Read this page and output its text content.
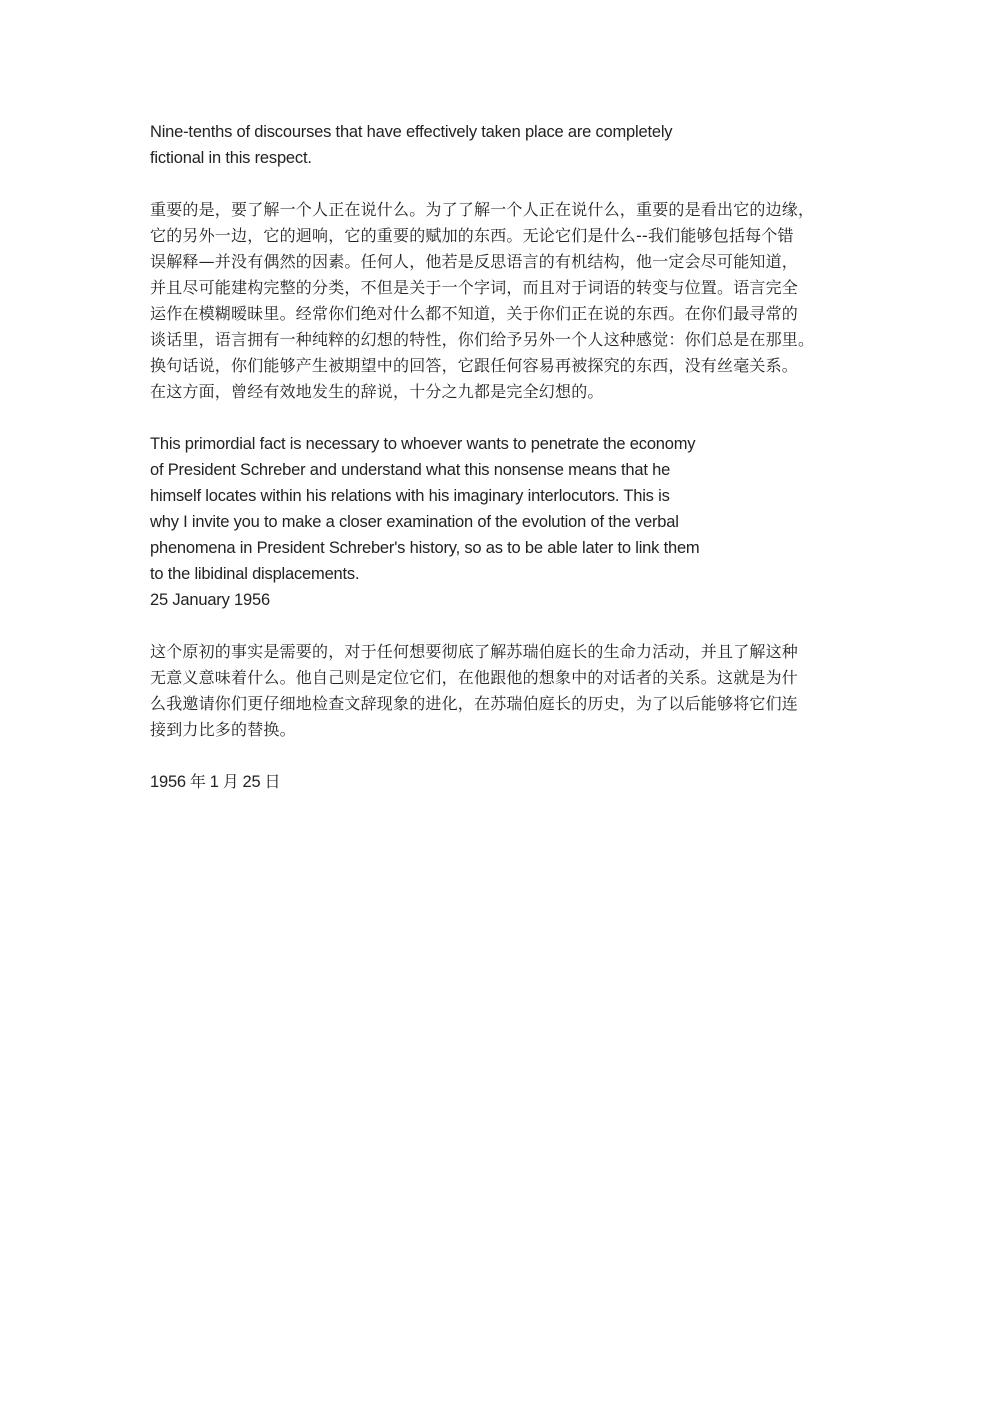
Nine-tenths of discourses that have effectively taken place are completely
fictional in this respect.

重要的是，要了解一个人正在说什么。为了了解一个人正在说什么，重要的是看出它的边缘，
它的另外一边，它的迴响，它的重要的赋加的东西。无论它们是什么--我们能够包括每个错
误解释—并没有偶然的因素。任何人，他若是反思语言的有机结构，他一定会尽可能知道，
并且尽可能建构完整的分类，不但是关于一个字词，而且对于词语的转变与位置。语言完全
运作在模糊暧昧里。经常你们绝对什么都不知道，关于你们正在说的东西。在你们最寻常的
谈话里，语言拥有一种纯粹的幻想的特性，你们给予另外一个人这种感觉：你们总是在那里。
换句话说，你们能够产生被期望中的回答，它跟任何容易再被探究的东西，没有丝毫关系。
在这方面，曾经有效地发生的辞说，十分之九都是完全幻想的。

This primordial fact is necessary to whoever wants to penetrate the economy
of President Schreber and understand what this nonsense means that he
himself locates within his relations with his imaginary interlocutors. This is
why I invite you to make a closer examination of the evolution of the verbal
phenomena in President Schreber's history, so as to be able later to link them
to the libidinal displacements.

25 January 1956

这个原初的事实是需要的，对于任何想要彻底了解苏瑞伯庭长的生命力活动，并且了解这种
无意义意味着什么。他自己则是定位它们，在他跟他的想象中的对话者的关系。这就是为什
么我邀请你们更仔细地检查文辞现象的进化，在苏瑞伯庭长的历史，为了以后能够将它们连
接到力比多的替换。

1956 年 1 月 25 日
